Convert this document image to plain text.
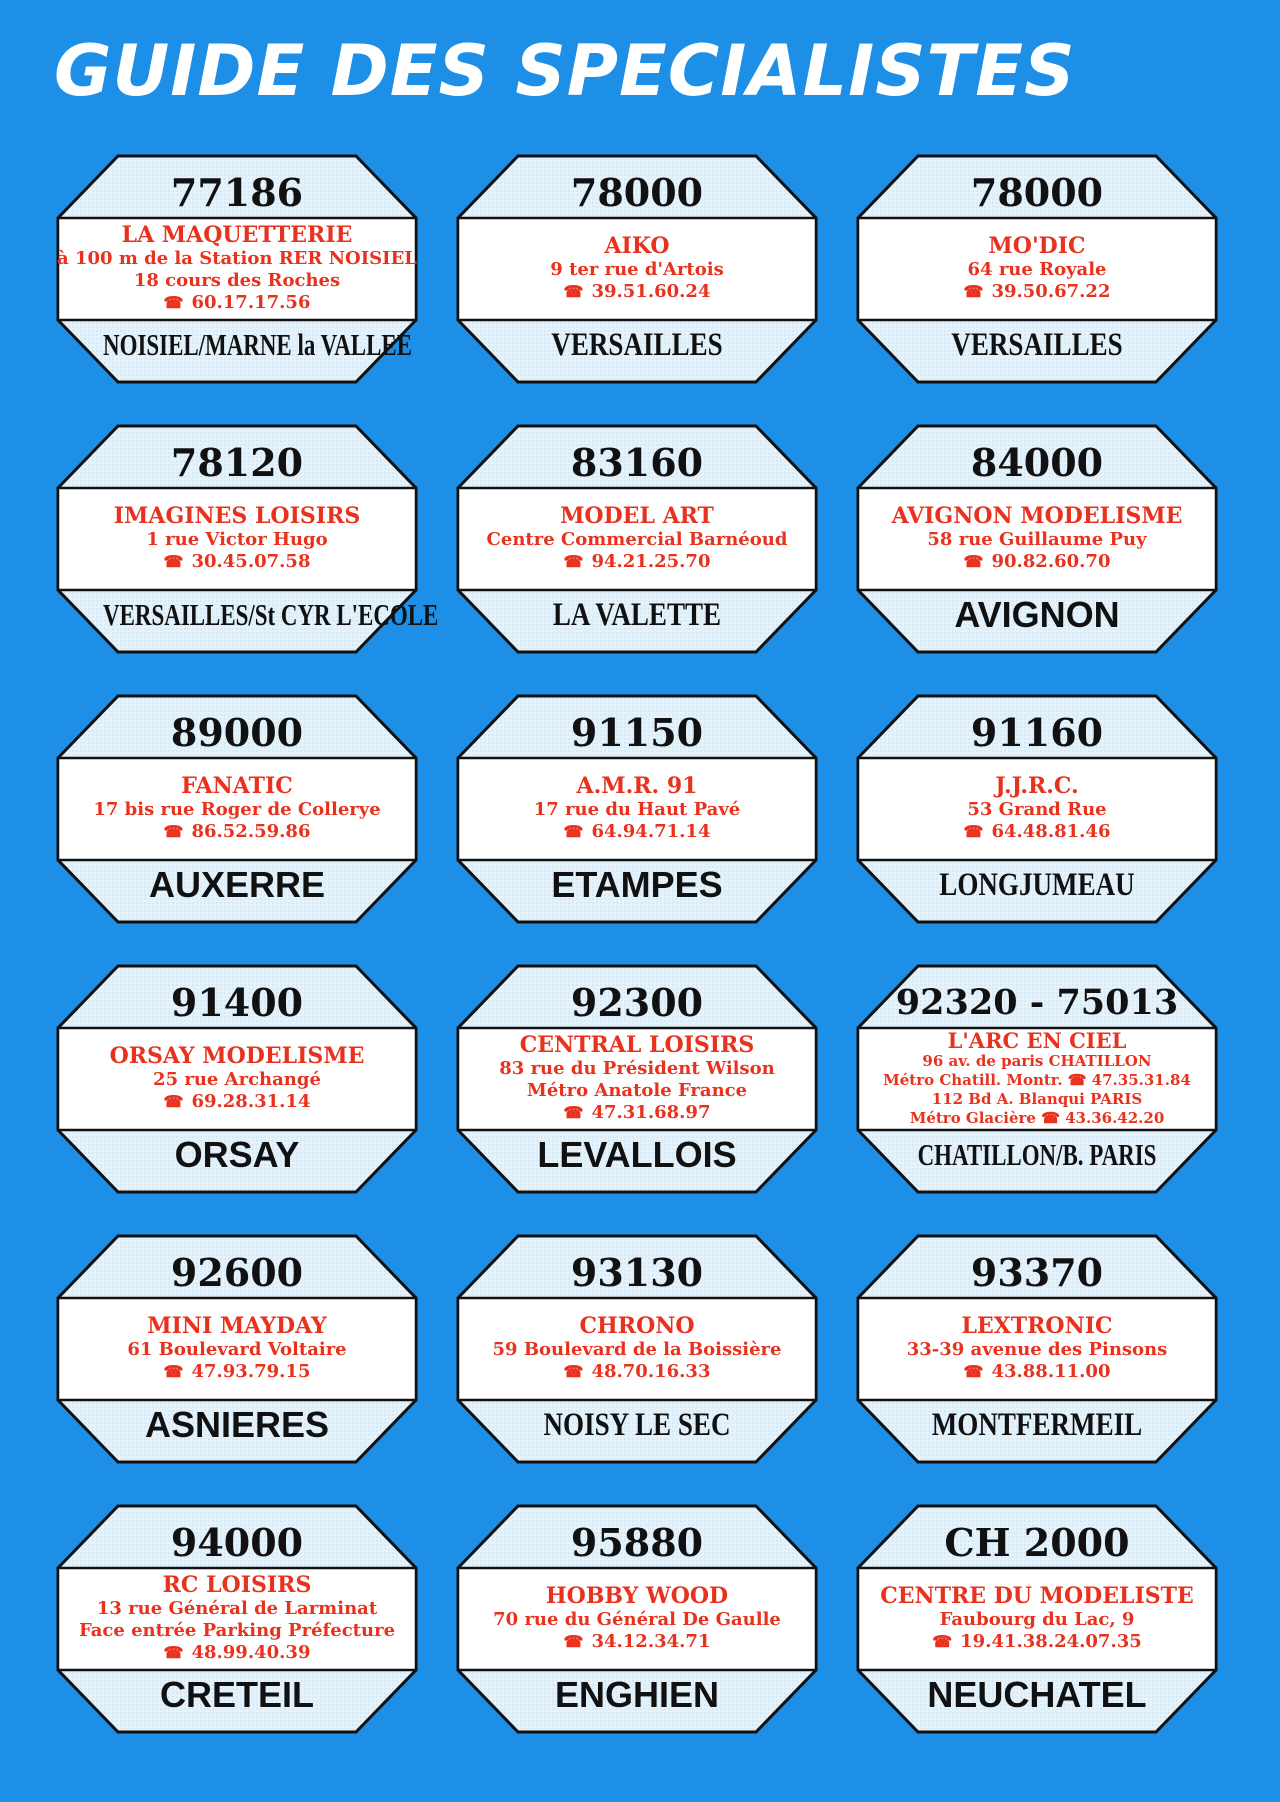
GUIDE DES SPECIALISTES
77186
LA MAQUETTERIE
à 100 m de la Station RER NOISIEL
18 cours des Roches
☎ 60.17.17.56
NOISIEL/MARNE la VALLEE
78000
AIKO
9 ter rue d'Artois
☎ 39.51.60.24
VERSAILLES
78000
MO'DIC
64 rue Royale
☎ 39.50.67.22
VERSAILLES
78120
IMAGINES LOISIRS
1 rue Victor Hugo
☎ 30.45.07.58
VERSAILLES/St CYR L'ECOLE
83160
MODEL ART
Centre Commercial Barnéoud
☎ 94.21.25.70
LA VALETTE
84000
AVIGNON MODELISME
58 rue Guillaume Puy
☎ 90.82.60.70
AVIGNON
89000
FANATIC
17 bis rue Roger de Collerye
☎ 86.52.59.86
AUXERRE
91150
A.M.R. 91
17 rue du Haut Pavé
☎ 64.94.71.14
ETAMPES
91160
J.J.R.C.
53 Grand Rue
☎ 64.48.81.46
LONGJUMEAU
91400
ORSAY MODELISME
25 rue Archangé
☎ 69.28.31.14
ORSAY
92300
CENTRAL LOISIRS
83 rue du Président Wilson
Métro Anatole France
☎ 47.31.68.97
LEVALLOIS
92320 - 75013
L'ARC EN CIEL
96 av. de paris CHATILLON
Métro Chatill. Montr. ☎ 47.35.31.84
112 Bd A. Blanqui PARIS
Métro Glacière ☎ 43.36.42.20
CHATILLON/B. PARIS
92600
MINI MAYDAY
61 Boulevard Voltaire
☎ 47.93.79.15
ASNIERES
93130
CHRONO
59 Boulevard de la Boissière
☎ 48.70.16.33
NOISY LE SEC
93370
LEXTRONIC
33-39 avenue des Pinsons
☎ 43.88.11.00
MONTFERMEIL
94000
RC LOISIRS
13 rue Général de Larminat
Face entrée Parking Préfecture
☎ 48.99.40.39
CRETEIL
95880
HOBBY WOOD
70 rue du Général De Gaulle
☎ 34.12.34.71
ENGHIEN
CH 2000
CENTRE DU MODELISTE
Faubourg du Lac, 9
☎ 19.41.38.24.07.35
NEUCHATEL
